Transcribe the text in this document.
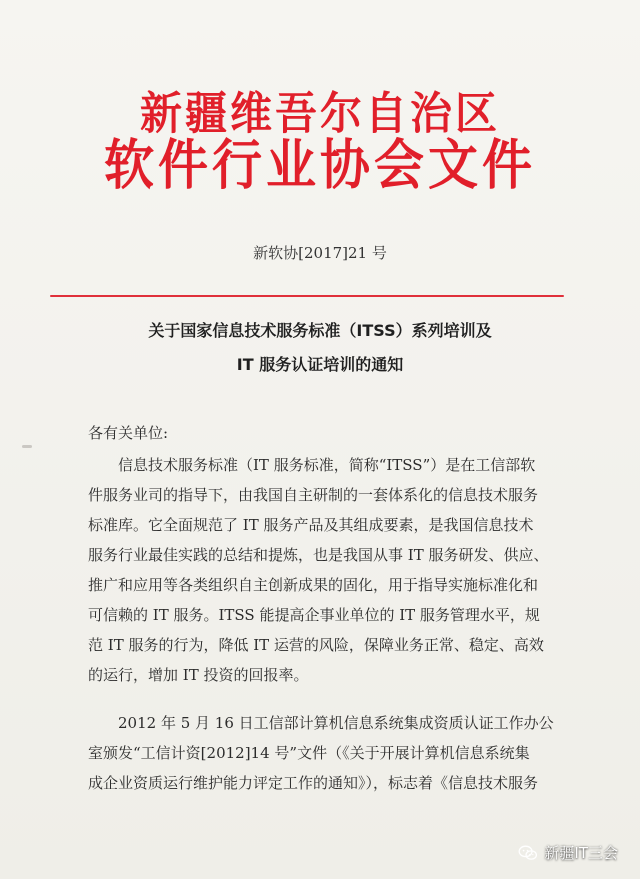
新疆维吾尔自治区
软件行业协会文件
新软协[2017]21 号
关于国家信息技术服务标准（ITSS）系列培训及
IT 服务认证培训的通知
各有关单位:
　　信息技术服务标准（IT 服务标准，简称“ITSS”）是在工信部软
件服务业司的指导下，由我国自主研制的一套体系化的信息技术服务
标准库。它全面规范了 IT 服务产品及其组成要素，是我国信息技术
服务行业最佳实践的总结和提炼，也是我国从事 IT 服务研发、供应、
推广和应用等各类组织自主创新成果的固化，用于指导实施标准化和
可信赖的 IT 服务。ITSS 能提高企事业单位的 IT 服务管理水平，规
范 IT 服务的行为，降低 IT 运营的风险，保障业务正常、稳定、高效
的运行，增加 IT 投资的回报率。
　　2012 年 5 月 16 日工信部计算机信息系统集成资质认证工作办公
室颁发“工信计资[2012]14 号”文件（《关于开展计算机信息系统集
成企业资质运行维护能力评定工作的通知》），标志着《信息技术服务
新疆IT三会
